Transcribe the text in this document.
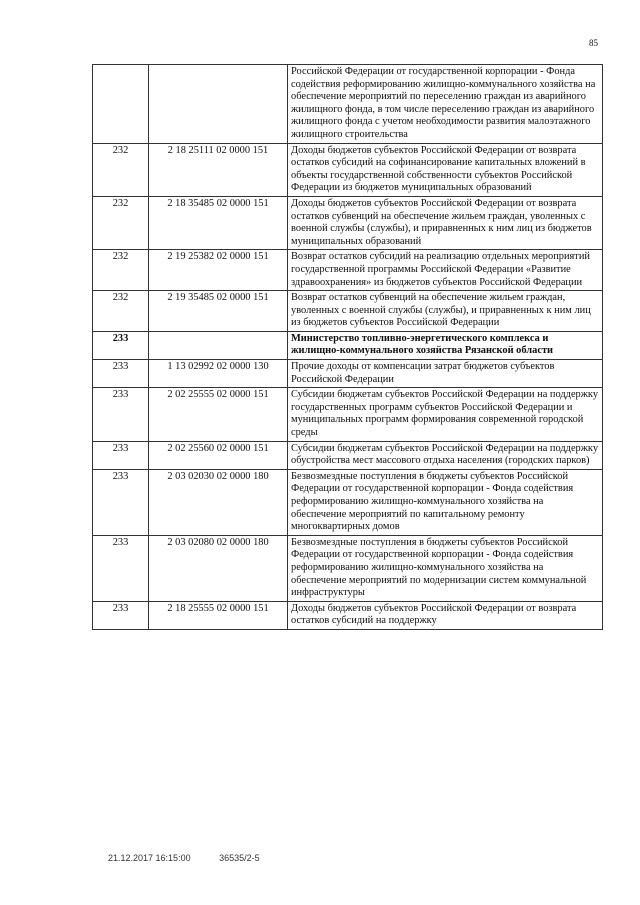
85
		Российской Федерации от государственной корпорации - Фонда содействия реформированию жилищно-коммунального хозяйства на обеспечение мероприятий по переселению граждан из аварийного жилищного фонда, в том числе переселению граждан из аварийного жилищного фонда с учетом необходимости развития малоэтажного жилищного строительства
232	2 18 25111 02 0000 151	Доходы бюджетов субъектов Российской Федерации от возврата остатков субсидий на софинансирование капитальных вложений в объекты государственной собственности субъектов Российской Федерации из бюджетов муниципальных образований
232	2 18 35485 02 0000 151	Доходы бюджетов субъектов Российской Федерации от возврата остатков субвенций на обеспечение жильем граждан, уволенных с военной службы (службы), и приравненных к ним лиц из бюджетов муниципальных образований
232	2 19 25382 02 0000 151	Возврат остатков субсидий на реализацию отдельных мероприятий государственной программы Российской Федерации «Развитие здравоохранения» из бюджетов субъектов Российской Федерации
232	2 19 35485 02 0000 151	Возврат остатков субвенций на обеспечение жильем граждан, уволенных с военной службы (службы), и приравненных к ним лиц из бюджетов субъектов Российской Федерации
233		Министерство топливно-энергетического комплекса и жилищно-коммунального хозяйства Рязанской области
233	1 13 02992 02 0000 130	Прочие доходы от компенсации затрат бюджетов субъектов Российской Федерации
233	2 02 25555 02 0000 151	Субсидии бюджетам субъектов Российской Федерации на поддержку государственных программ субъектов Российской Федерации и муниципальных программ формирования современной городской среды
233	2 02 25560 02 0000 151	Субсидии бюджетам субъектов Российской Федерации на поддержку обустройства мест массового отдыха населения (городских парков)
233	2 03 02030 02 0000 180	Безвозмездные поступления в бюджеты субъектов Российской Федерации от государственной корпорации - Фонда содействия реформированию жилищно-коммунального хозяйства на обеспечение мероприятий по капитальному ремонту многоквартирных домов
233	2 03 02080 02 0000 180	Безвозмездные поступления в бюджеты субъектов Российской Федерации от государственной корпорации - Фонда содействия реформированию жилищно-коммунального хозяйства на обеспечение мероприятий по модернизации систем коммунальной инфраструктуры
233	2 18 25555 02 0000 151	Доходы бюджетов субъектов Российской Федерации от возврата остатков субсидий на поддержку
21.12.2017 16:15:00	36535/2-5
